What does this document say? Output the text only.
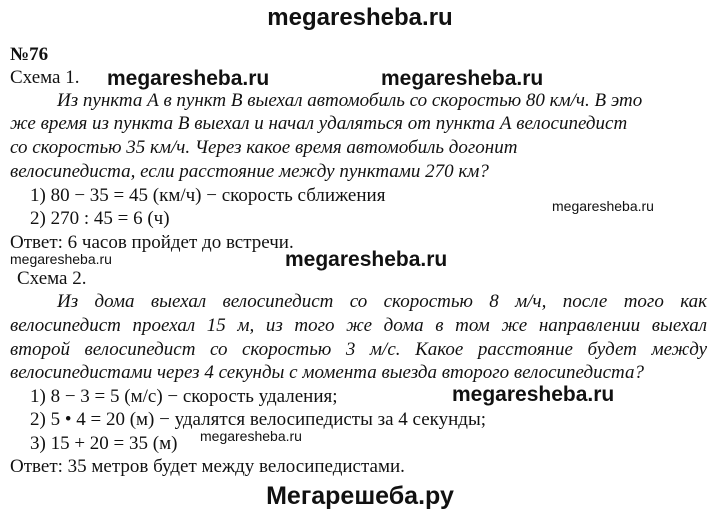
megaresheba.ru
№76
Схема 1. megaresheba.ru	megaresheba.ru
Из пункта А в пункт В выехал автомобиль со скоростью 80 км/ч. В это
же время из пункта В выехал и начал удаляться от пункта А велосипедист
со скоростью 35 км/ч. Через какое время автомобиль догонит
велосипедиста, если расстояние между пунктами 270 км?
1) 80 − 35 = 45 (км/ч) − скорость сближения
2) 270 : 45 = 6 (ч)
megaresheba.ru
Ответ: 6 часов пройдет до встречи.
megaresheba.ru	megaresheba.ru
Схема 2.
Из дома выехал велосипедист со скоростью 8 м/ч, после того как
велосипедист проехал 15 м, из того же дома в том же направлении выехал
второй велосипедист со скоростью 3 м/с. Какое расстояние будет между
велосипедистами через 4 секунды с момента выезда второго велосипедиста?
1) 8 − 3 = 5 (м/с) − скорость удаления;	megaresheba.ru
2) 5 • 4 = 20 (м) − удалятся велосипедисты за 4 секунды;
3) 15 + 20 = 35 (м) megaresheba.ru
Ответ: 35 метров будет между велосипедистами.
Мегарешеба.ру
